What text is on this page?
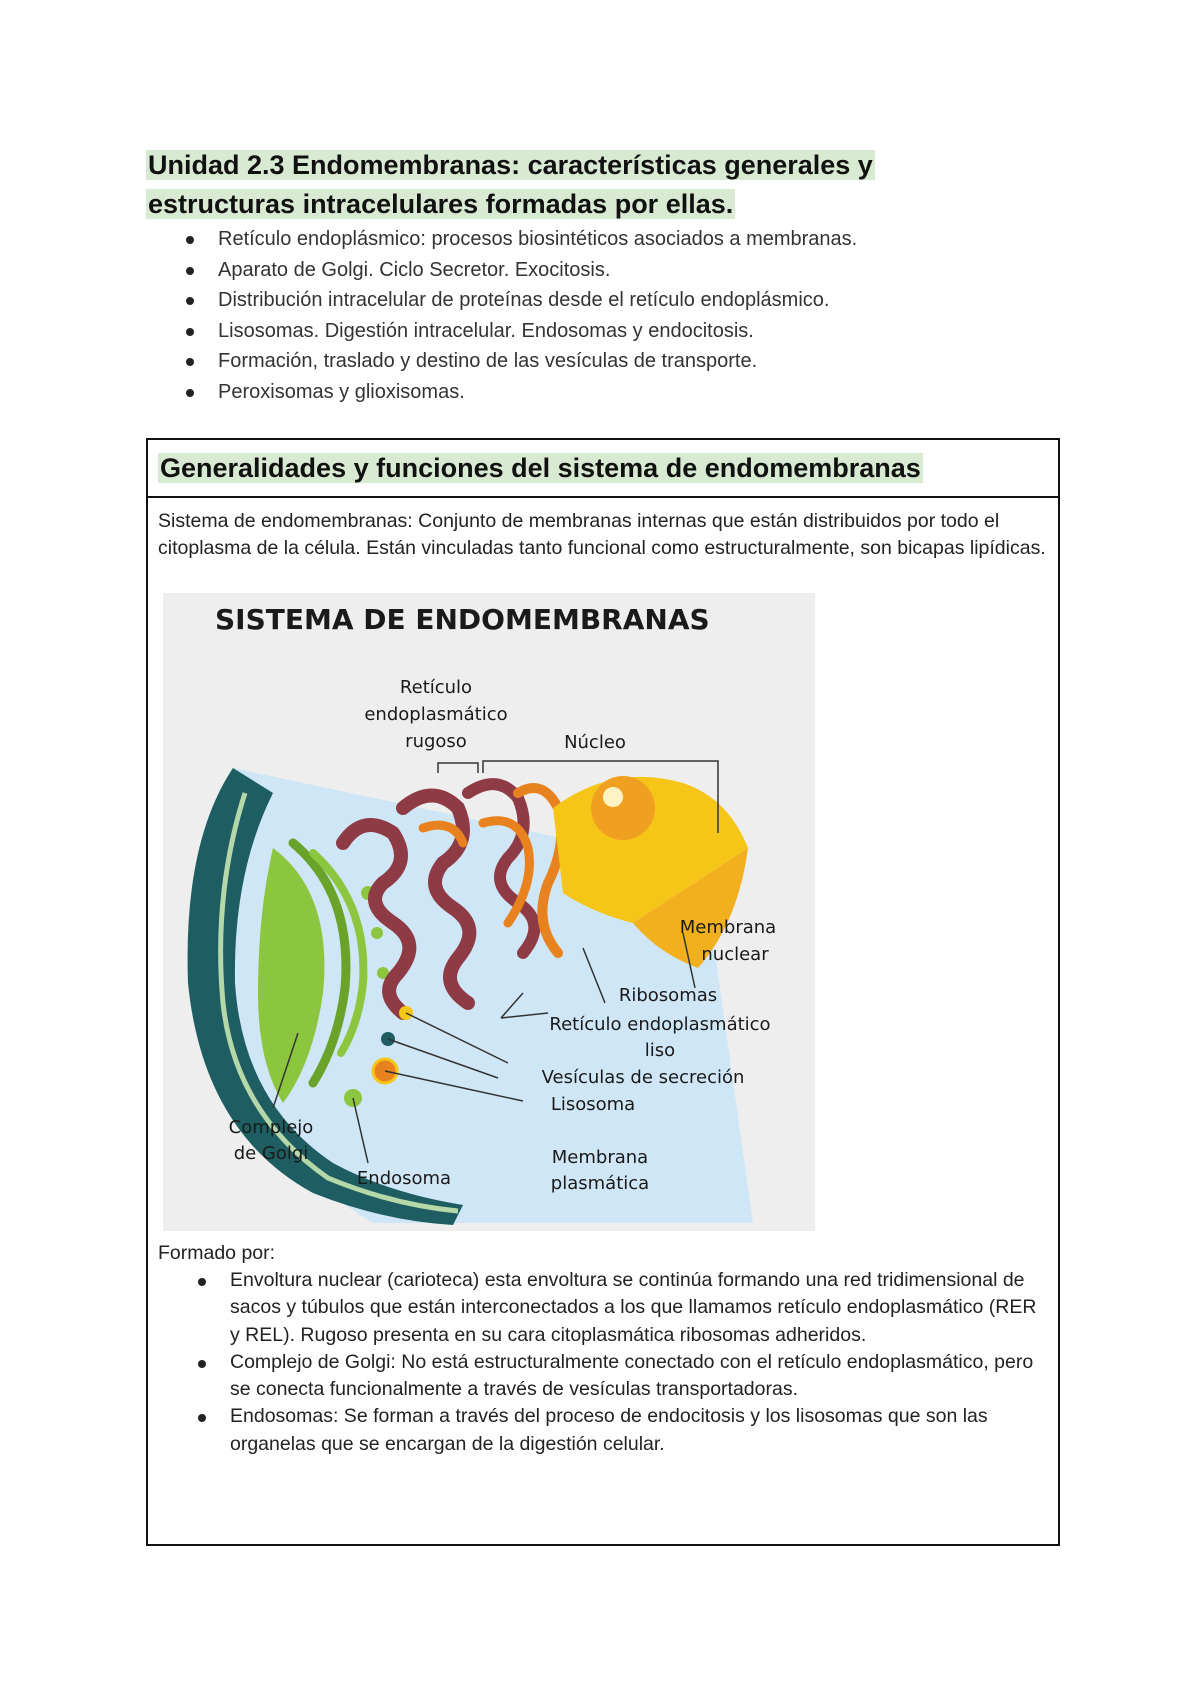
Unidad 2.3 Endomembranas: características generales y
estructuras intracelulares formadas por ellas.
Retículo endoplásmico: procesos biosintéticos asociados a membranas.
Aparato de Golgi. Ciclo Secretor. Exocitosis.
Distribución intracelular de proteínas desde el retículo endoplásmico.
Lisosomas. Digestión intracelular. Endosomas y endocitosis.
Formación, traslado y destino de las vesículas de transporte.
Peroxisomas y glioxisomas.
Generalidades y funciones del sistema de endomembranas
Sistema de endomembranas: Conjunto de membranas internas que están distribuidos por todo el citoplasma de la célula. Están vinculadas tanto funcional como estructuralmente, son bicapas lipídicas.
SISTEMA DE ENDOMEMBRANAS
Retículo
endoplasmático
rugoso	Núcleo
Membrana
nuclear
Ribosomas
Retículo endoplasmático
liso
Vesículas de secreción
Lisosoma
Complejo
de Golgi
Endosoma
Membrana
plasmática
Formado por:
Envoltura nuclear (carioteca) esta envoltura se continúa formando una red tridimensional de sacos y túbulos que están interconectados a los que llamamos retículo endoplasmático (RER y REL). Rugoso presenta en su cara citoplasmática ribosomas adheridos.
Complejo de Golgi: No está estructuralmente conectado con el retículo endoplasmático, pero se conecta funcionalmente a través de vesículas transportadoras.
Endosomas: Se forman a través del proceso de endocitosis y los lisosomas que son las organelas que se encargan de la digestión celular.
